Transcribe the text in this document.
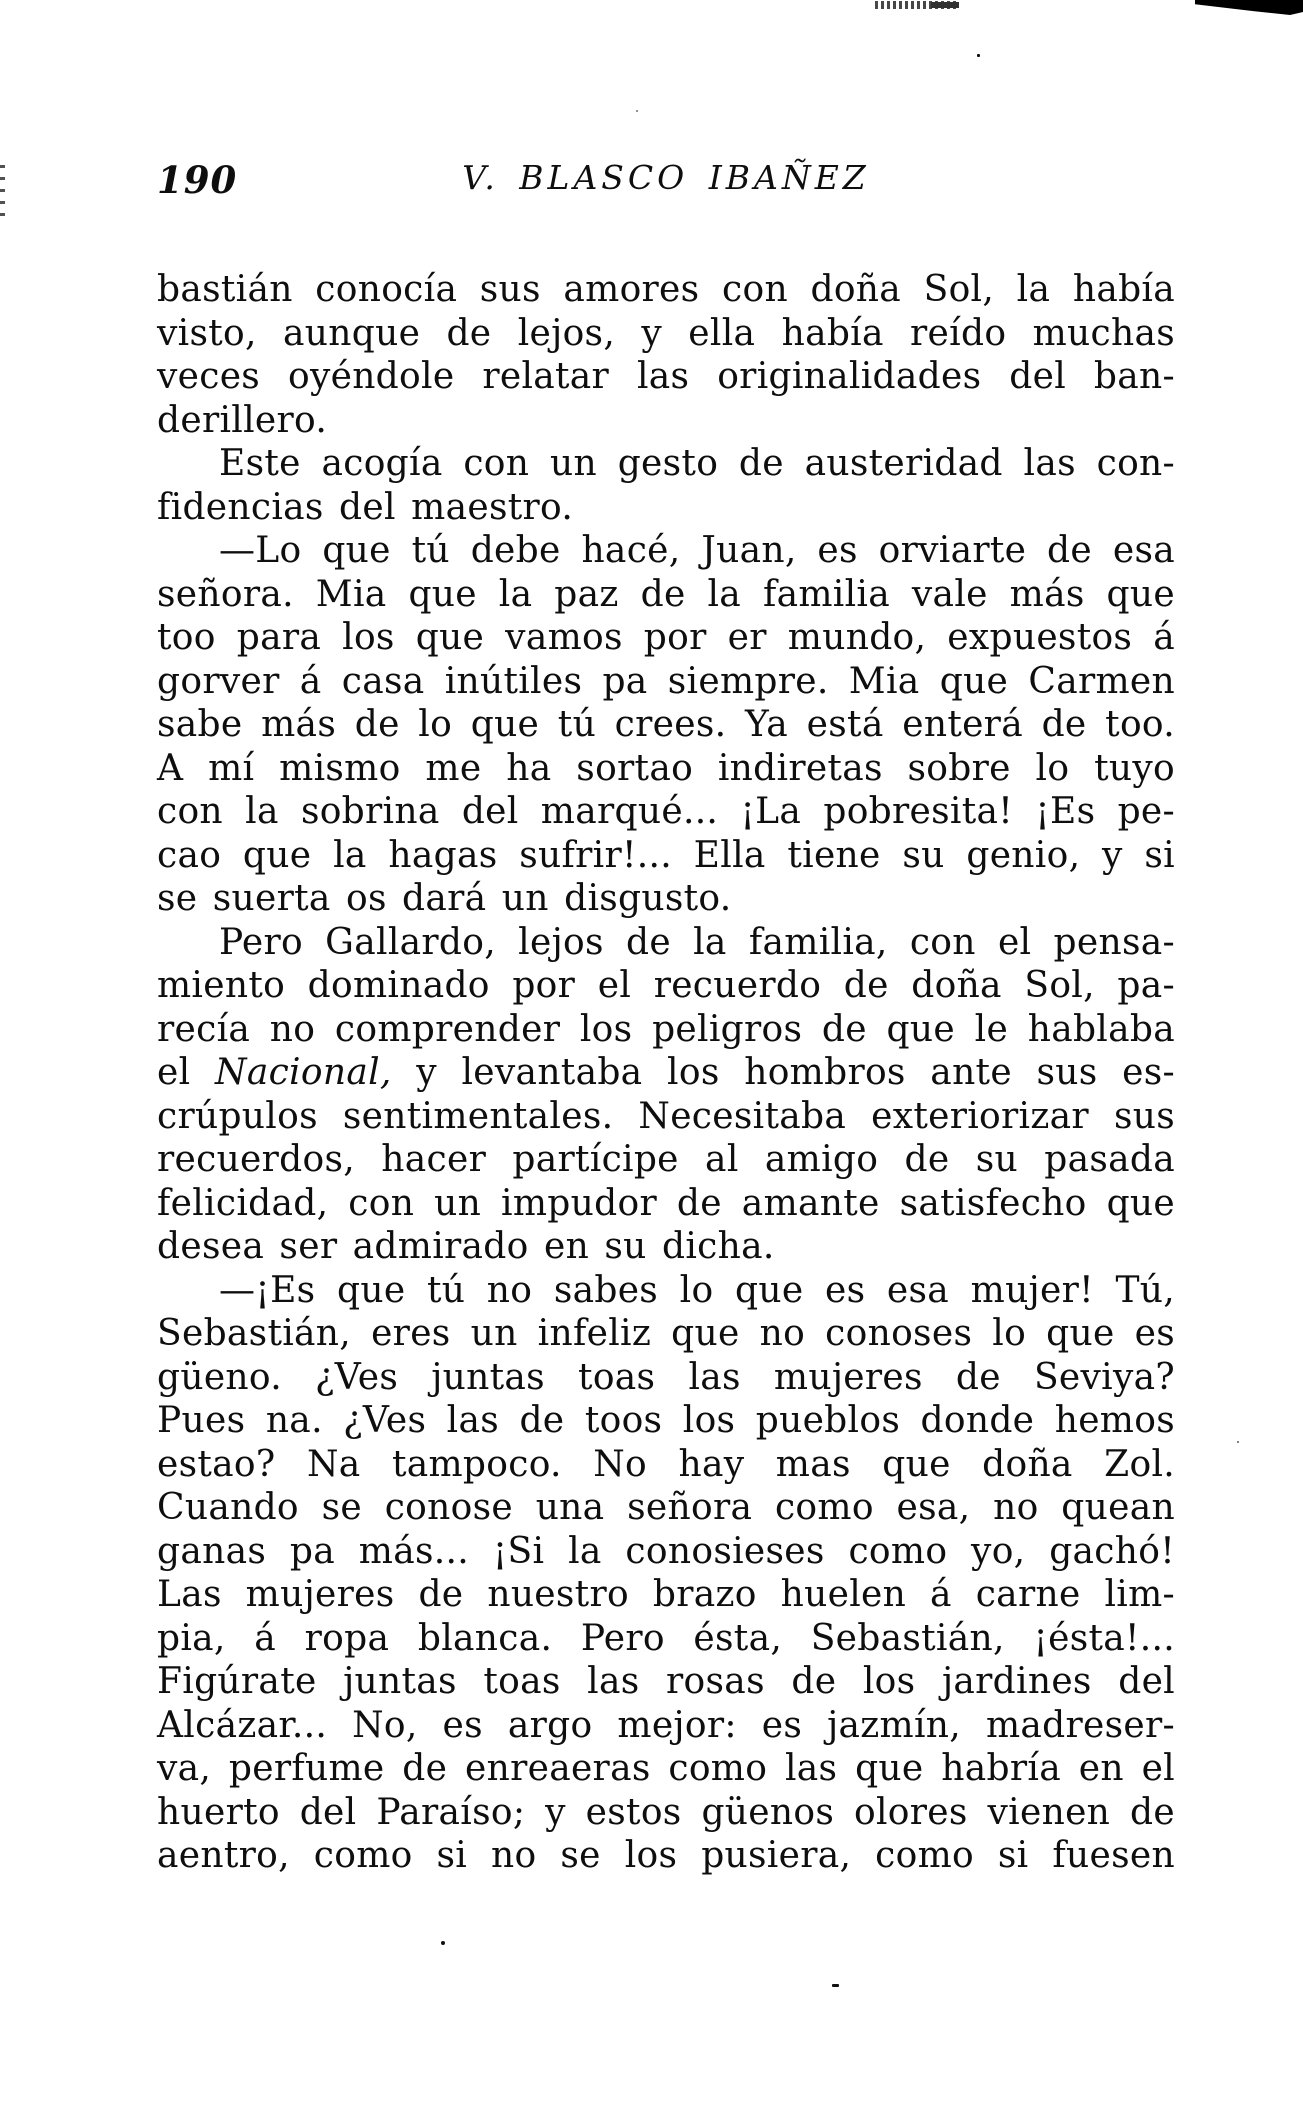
190	V. BLASCO IBAÑEZ
bastián conocía sus amores con doña Sol, la había
visto, aunque de lejos, y ella había reído muchas
veces oyéndole relatar las originalidades del ban-
derillero.
Este acogía con un gesto de austeridad las con-
fidencias del maestro.
—Lo que tú debe hacé, Juan, es orviarte de esa
señora. Mia que la paz de la familia vale más que
too para los que vamos por er mundo, expuestos á
gorver á casa inútiles pa siempre. Mia que Carmen
sabe más de lo que tú crees. Ya está enterá de too.
A mí mismo me ha sortao indiretas sobre lo tuyo
con la sobrina del marqué... ¡La pobresita! ¡Es pe-
cao que la hagas sufrir!... Ella tiene su genio, y si
se suerta os dará un disgusto.
Pero Gallardo, lejos de la familia, con el pensa-
miento dominado por el recuerdo de doña Sol, pa-
recía no comprender los peligros de que le hablaba
el Nacional, y levantaba los hombros ante sus es-
crúpulos sentimentales. Necesitaba exteriorizar sus
recuerdos, hacer partícipe al amigo de su pasada
felicidad, con un impudor de amante satisfecho que
desea ser admirado en su dicha.
—¡Es que tú no sabes lo que es esa mujer! Tú,
Sebastián, eres un infeliz que no conoses lo que es
güeno. ¿Ves juntas toas las mujeres de Seviya?
Pues na. ¿Ves las de toos los pueblos donde hemos
estao? Na tampoco. No hay mas que doña Zol.
Cuando se conose una señora como esa, no quean
ganas pa más... ¡Si la conosieses como yo, gachó!
Las mujeres de nuestro brazo huelen á carne lim-
pia, á ropa blanca. Pero ésta, Sebastián, ¡ésta!...
Figúrate juntas toas las rosas de los jardines del
Alcázar... No, es argo mejor: es jazmín, madreser-
va, perfume de enreaeras como las que habría en el
huerto del Paraíso; y estos güenos olores vienen de
aentro, como si no se los pusiera, como si fuesen
